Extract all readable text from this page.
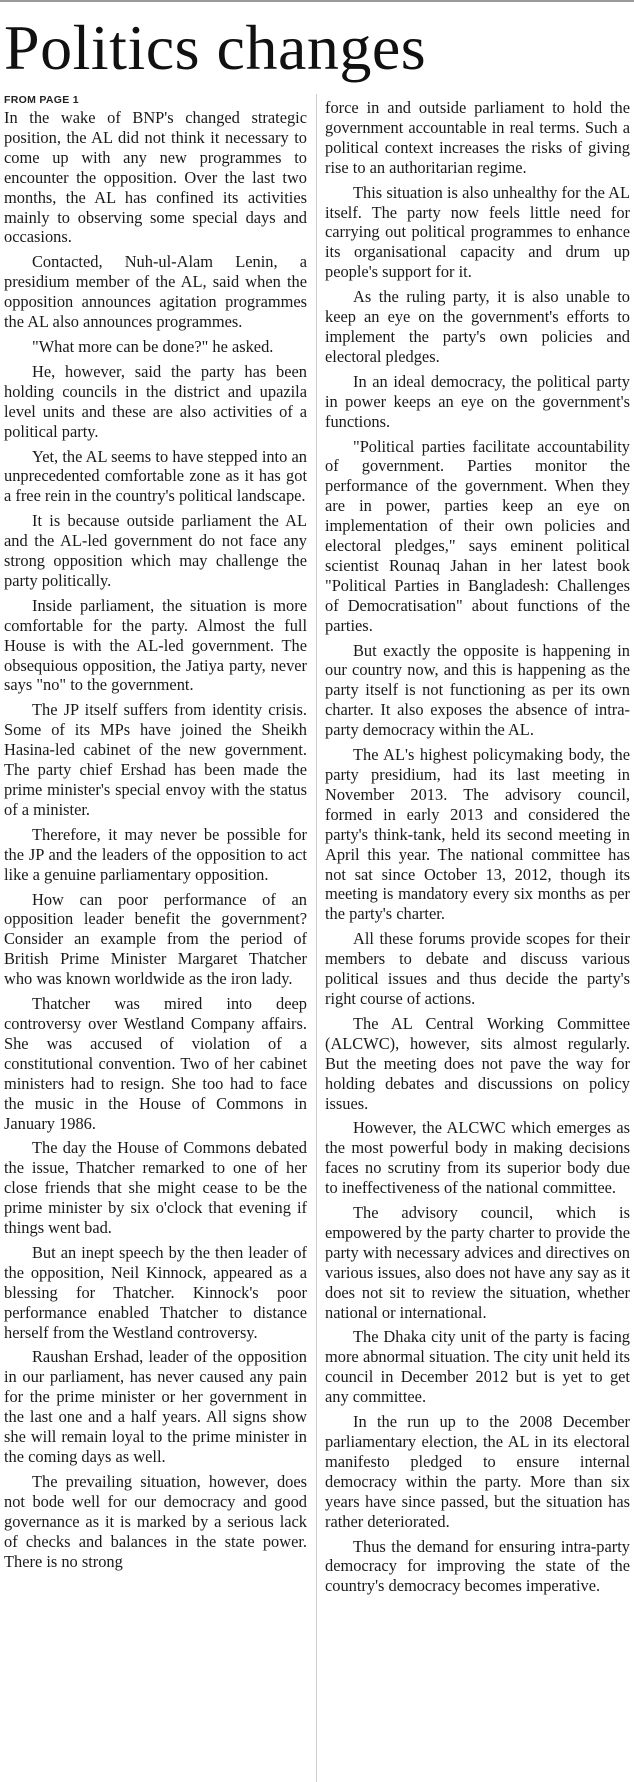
Politics changes
FROM PAGE 1

In the wake of BNP's changed strategic position, the AL did not think it necessary to come up with any new programmes to encounter the opposition. Over the last two months, the AL has confined its activities mainly to observing some special days and occasions.

Contacted, Nuh-ul-Alam Lenin, a presidium member of the AL, said when the opposition announces agitation programmes the AL also announces programmes.

"What more can be done?" he asked.

He, however, said the party has been holding councils in the district and upazila level units and these are also activities of a political party.

Yet, the AL seems to have stepped into an unprecedented comfortable zone as it has got a free rein in the country's political landscape.

It is because outside parliament the AL and the AL-led government do not face any strong opposition which may challenge the party politically.

Inside parliament, the situation is more comfortable for the party. Almost the full House is with the AL-led government. The obsequious opposition, the Jatiya party, never says "no" to the government.

The JP itself suffers from identity crisis. Some of its MPs have joined the Sheikh Hasina-led cabinet of the new government. The party chief Ershad has been made the prime minister's special envoy with the status of a minister.

Therefore, it may never be possible for the JP and the leaders of the opposition to act like a genuine parliamentary opposition.

How can poor performance of an opposition leader benefit the government? Consider an example from the period of British Prime Minister Margaret Thatcher who was known worldwide as the iron lady.

Thatcher was mired into deep controversy over Westland Company affairs. She was accused of violation of a constitutional convention. Two of her cabinet ministers had to resign. She too had to face the music in the House of Commons in January 1986.

The day the House of Commons debated the issue, Thatcher remarked to one of her close friends that she might cease to be the prime minister by six o'clock that evening if things went bad.

But an inept speech by the then leader of the opposition, Neil Kinnock, appeared as a blessing for Thatcher. Kinnock's poor performance enabled Thatcher to distance herself from the Westland controversy.

Raushan Ershad, leader of the opposition in our parliament, has never caused any pain for the prime minister or her government in the last one and a half years. All signs show she will remain loyal to the prime minister in the coming days as well.

The prevailing situation, however, does not bode well for our democracy and good governance as it is marked by a serious lack of checks and balances in the state power. There is no strong

force in and outside parliament to hold the government accountable in real terms. Such a political context increases the risks of giving rise to an authoritarian regime.

This situation is also unhealthy for the AL itself. The party now feels little need for carrying out political programmes to enhance its organisational capacity and drum up people's support for it.

As the ruling party, it is also unable to keep an eye on the government's efforts to implement the party's own policies and electoral pledges.

In an ideal democracy, the political party in power keeps an eye on the government's functions.

"Political parties facilitate accountability of government. Parties monitor the performance of the government. When they are in power, parties keep an eye on implementation of their own policies and electoral pledges," says eminent political scientist Rounaq Jahan in her latest book "Political Parties in Bangladesh: Challenges of Democratisation" about functions of the parties.

But exactly the opposite is happening in our country now, and this is happening as the party itself is not functioning as per its own charter. It also exposes the absence of intra-party democracy within the AL.

The AL's highest policymaking body, the party presidium, had its last meeting in November 2013. The advisory council, formed in early 2013 and considered the party's think-tank, held its second meeting in April this year. The national committee has not sat since October 13, 2012, though its meeting is mandatory every six months as per the party's charter.

All these forums provide scopes for their members to debate and discuss various political issues and thus decide the party's right course of actions.

The AL Central Working Committee (ALCWC), however, sits almost regularly. But the meeting does not pave the way for holding debates and discussions on policy issues.

However, the ALCWC which emerges as the most powerful body in making decisions faces no scrutiny from its superior body due to ineffectiveness of the national committee.

The advisory council, which is empowered by the party charter to provide the party with necessary advices and directives on various issues, also does not have any say as it does not sit to review the situation, whether national or international.

The Dhaka city unit of the party is facing more abnormal situation. The city unit held its council in December 2012 but is yet to get any committee.

In the run up to the 2008 December parliamentary election, the AL in its electoral manifesto pledged to ensure internal democracy within the party. More than six years have since passed, but the situation has rather deteriorated.

Thus the demand for ensuring intra-party democracy for improving the state of the country's democracy becomes imperative.
